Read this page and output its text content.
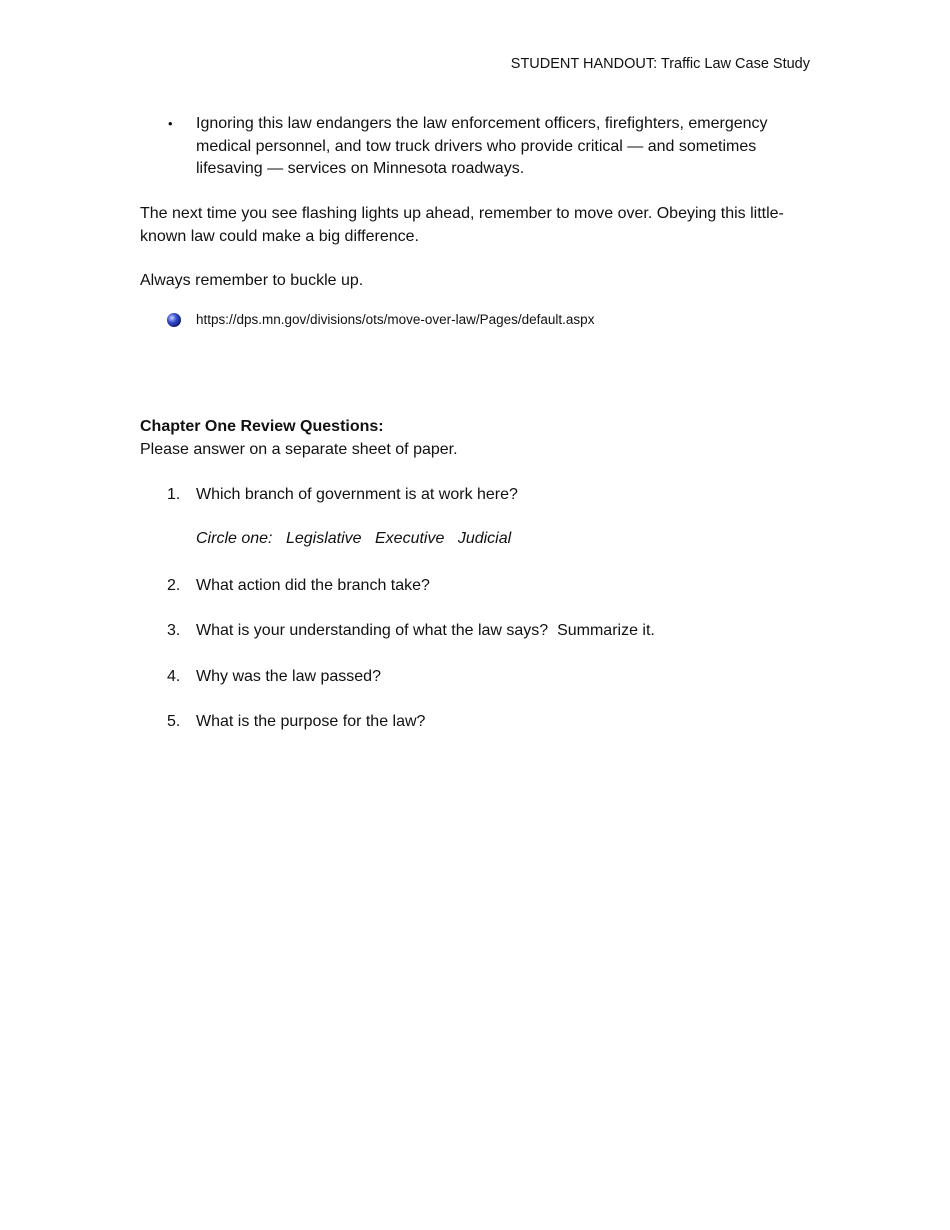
STUDENT HANDOUT: Traffic Law Case Study
•	Ignoring this law endangers the law enforcement officers, firefighters, emergency medical personnel, and tow truck drivers who provide critical — and sometimes lifesaving — services on Minnesota roadways.
The next time you see flashing lights up ahead, remember to move over. Obeying this little-known law could make a big difference.
Always remember to buckle up.
https://dps.mn.gov/divisions/ots/move-over-law/Pages/default.aspx
Chapter One Review Questions:
Please answer on a separate sheet of paper.
1. Which branch of government is at work here?
Circle one: Legislative Executive Judicial
2. What action did the branch take?
3. What is your understanding of what the law says?  Summarize it.
4. Why was the law passed?
5. What is the purpose for the law?
